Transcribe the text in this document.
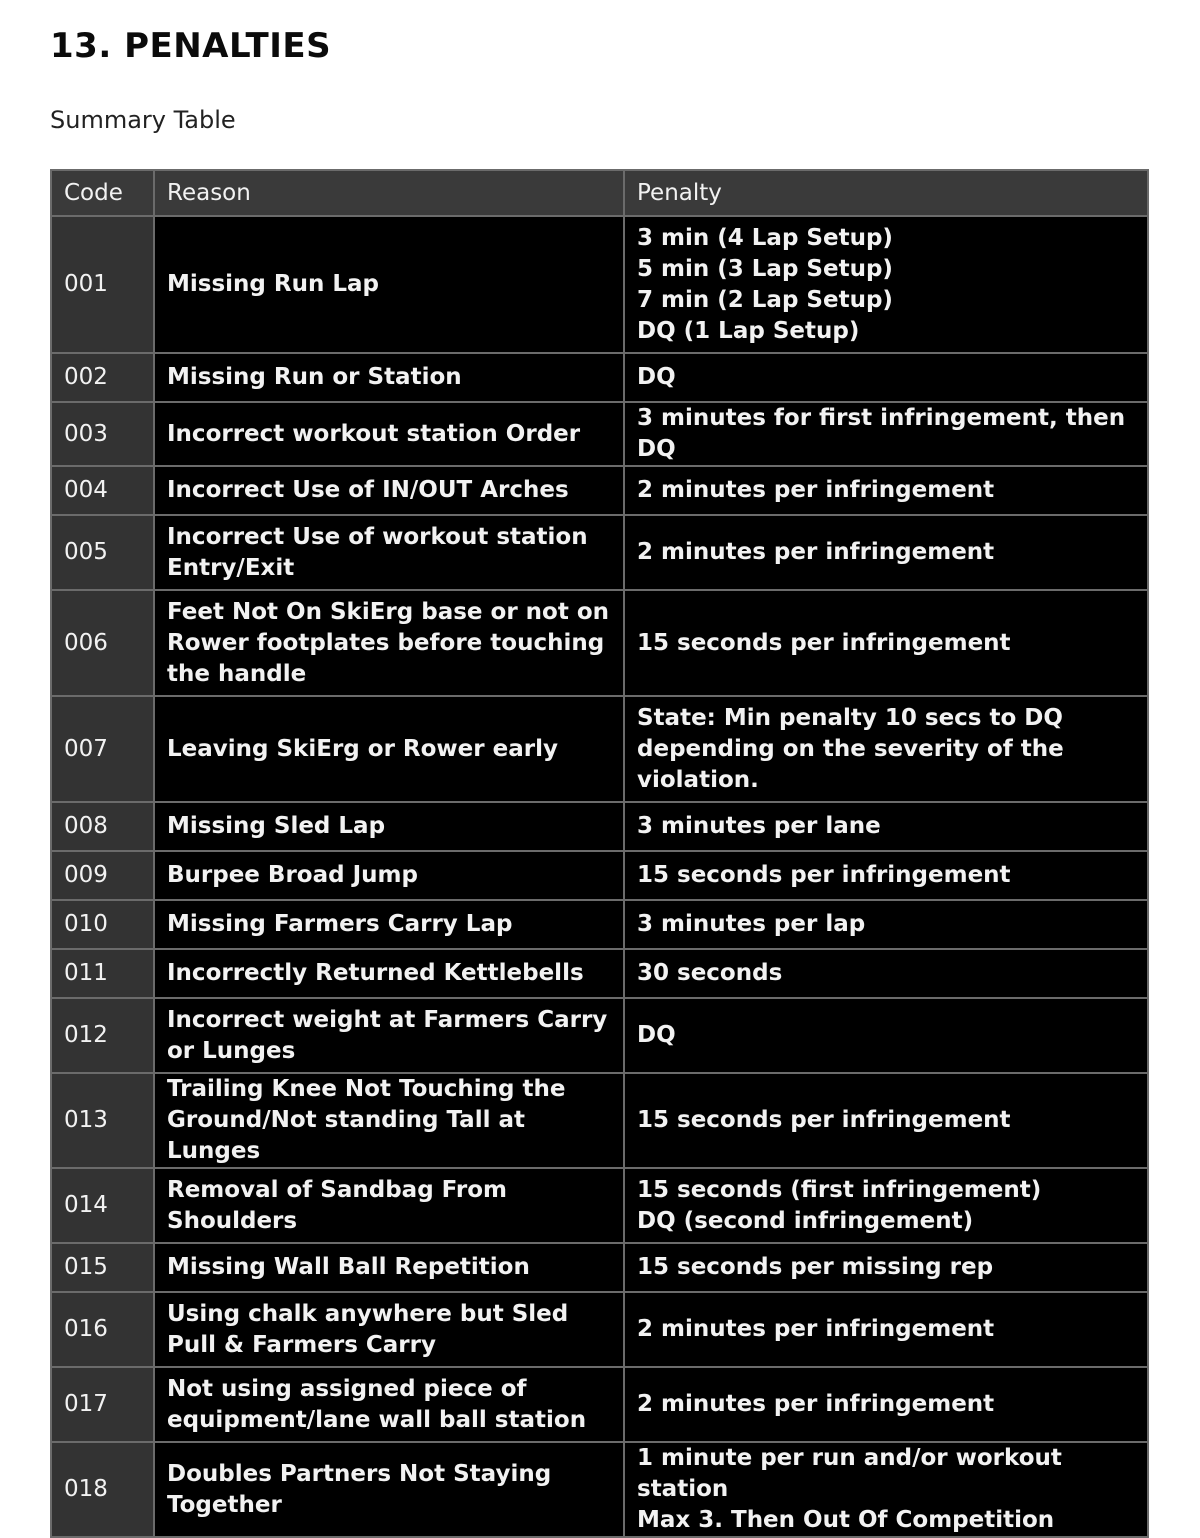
13. PENALTIES
Summary Table
Code	Reason	Penalty
001	Missing Run Lap	3 min (4 Lap Setup)
5 min (3 Lap Setup)
7 min (2 Lap Setup)
DQ (1 Lap Setup)

002	Missing Run or Station	DQ

003	Incorrect workout station Order	3 minutes for first infringement, then DQ

004	Incorrect Use of IN/OUT Arches	2 minutes per infringement

005	Incorrect Use of workout station Entry/Exit	2 minutes per infringement

006	Feet Not On SkiErg base or not on Rower footplates before touching the handle	15 seconds per infringement

007	Leaving SkiErg or Rower early	State: Min penalty 10 secs to DQ depending on the severity of the violation.

008	Missing Sled Lap	3 minutes per lane

009	Burpee Broad Jump	15 seconds per infringement

010	Missing Farmers Carry Lap	3 minutes per lap

011	Incorrectly Returned Kettlebells	30 seconds

012	Incorrect weight at Farmers Carry or Lunges	DQ

013	Trailing Knee Not Touching the Ground/Not standing Tall at Lunges	15 seconds per infringement

014	Removal of Sandbag From Shoulders	15 seconds (first infringement)
DQ (second infringement)

015	Missing Wall Ball Repetition	15 seconds per missing rep

016	Using chalk anywhere but Sled Pull & Farmers Carry	2 minutes per infringement

017	Not using assigned piece of equipment/lane wall ball station	2 minutes per infringement

018	Doubles Partners Not Staying Together	1 minute per run and/or workout station
Max 3. Then Out Of Competition
